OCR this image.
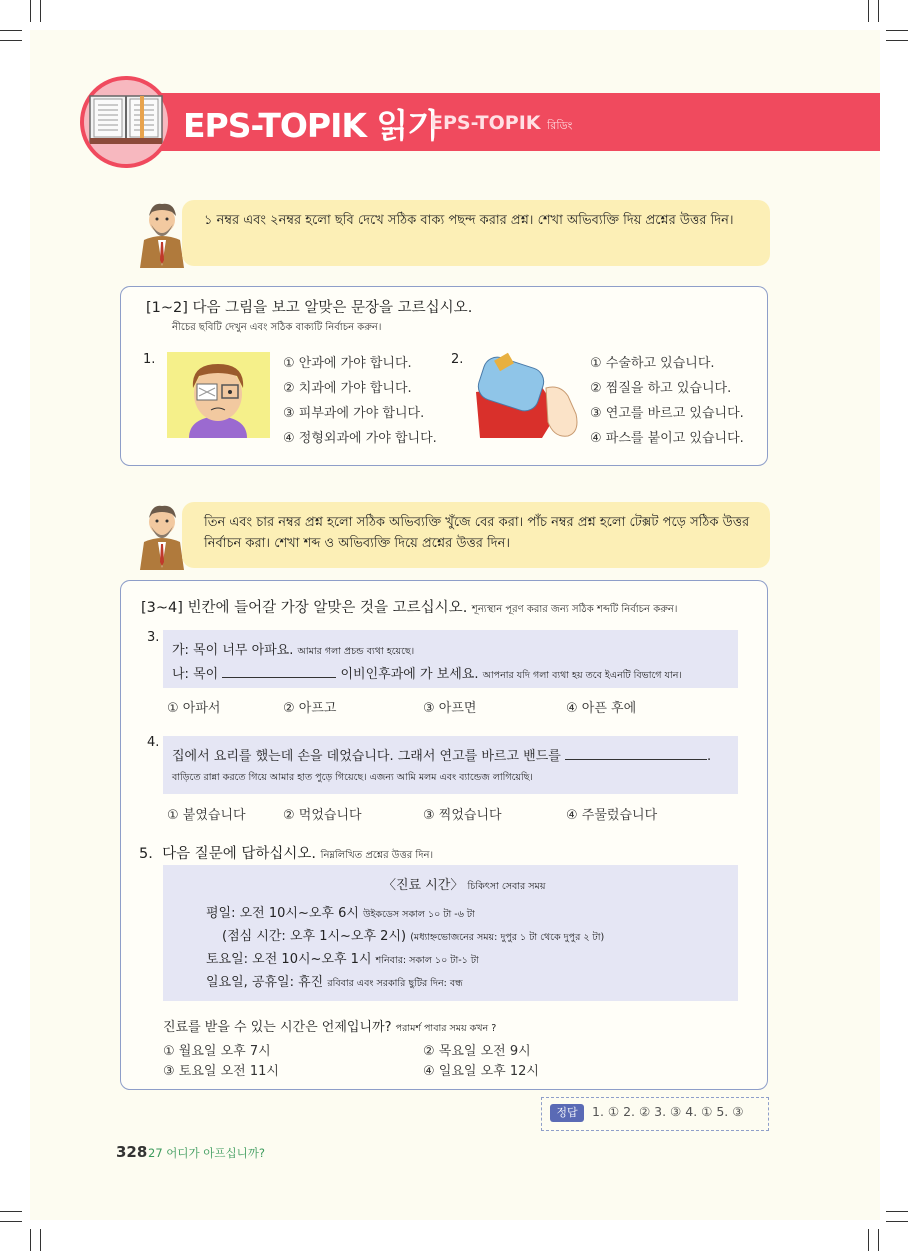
EPS-TOPIK 읽기
EPS-TOPIK রিডিং
১ নম্বর এবং ২নম্বর হলো ছবি দেখে সঠিক বাক্য পছন্দ করার প্রশ্ন। শেখা অভিব্যক্তি দিয় প্রশ্নের উত্তর দিন।
[1~2] 다음 그림을 보고 알맞은 문장을 고르십시오.
নীচের ছবিটি দেখুন এবং সঠিক বাক্যটি নির্বাচন করুন।
1.	① 안과에 가야 합니다.
② 치과에 가야 합니다.
③ 피부과에 가야 합니다.
④ 정형외과에 가야 합니다.
2.	① 수술하고 있습니다.
② 찜질을 하고 있습니다.
③ 연고를 바르고 있습니다.
④ 파스를 붙이고 있습니다.
তিন এবং চার নম্বর প্রশ্ন হলো সঠিক অভিব্যক্তি খুঁজে বের করা। পাঁচ নম্বর প্রশ্ন হলো টেক্সট পড়ে সঠিক উত্তর নির্বাচন করা। শেখা শব্দ ও অভিব্যক্তি দিয়ে প্রশ্নের উত্তর দিন।
[3~4] 빈칸에 들어갈 가장 알맞은 것을 고르십시오. শূন্যস্থান পূরণ করার জন্য সঠিক শব্দটি নির্বাচন করুন।
3.
가: 목이 너무 아파요. আমার গলা প্রচন্ড ব্যথা হয়েছে।
나: 목이	이비인후과에 가 보세요. আপনার যদি গলা ব্যথা হয় তবে ইএনটি বিভাগে যান।
① 아파서	② 아프고	③ 아프면	④ 아픈 후에
4.
집에서 요리를 했는데 손을 데었습니다. 그래서 연고를 바르고 밴드를	.
বাড়িতে রান্না করতে গিয়ে আমার হাত পুড়ে গিয়েছে। এজন্য আমি মলম এবং ব্যান্ডেজ লাগিয়েছি।
① 붙였습니다	② 먹었습니다	③ 찍었습니다	④ 주물렀습니다
5. 다음 질문에 답하십시오. নিম্নলিখিত প্রশ্নের উত্তর দিন।
〈진료 시간〉 চিকিৎসা সেবার সময়
평일: 오전 10시~오후 6시 উইকডেস সকাল ১০ টা -৬ টা
(점심 시간: 오후 1시~오후 2시) (মধ্যাহ্নভোজনের সময়: দুপুর ১ টা থেকে দুপুর ২ টা)
토요일: 오전 10시~오후 1시 শনিবার: সকাল ১০ টা-১ টা
일요일, 공휴일: 휴진 রবিবার এবং সরকারি ছুটির দিন: বন্ধ
진료를 받을 수 있는 시간은 언제입니까? পরামর্শ পাবার সময় কখন ?
① 월요일 오후 7시	② 목요일 오전 9시
③ 토요일 오전 11시	④ 일요일 오후 12시
정답	1. ① 2. ② 3. ③ 4. ① 5. ③
328 27 어디가 아프십니까?
